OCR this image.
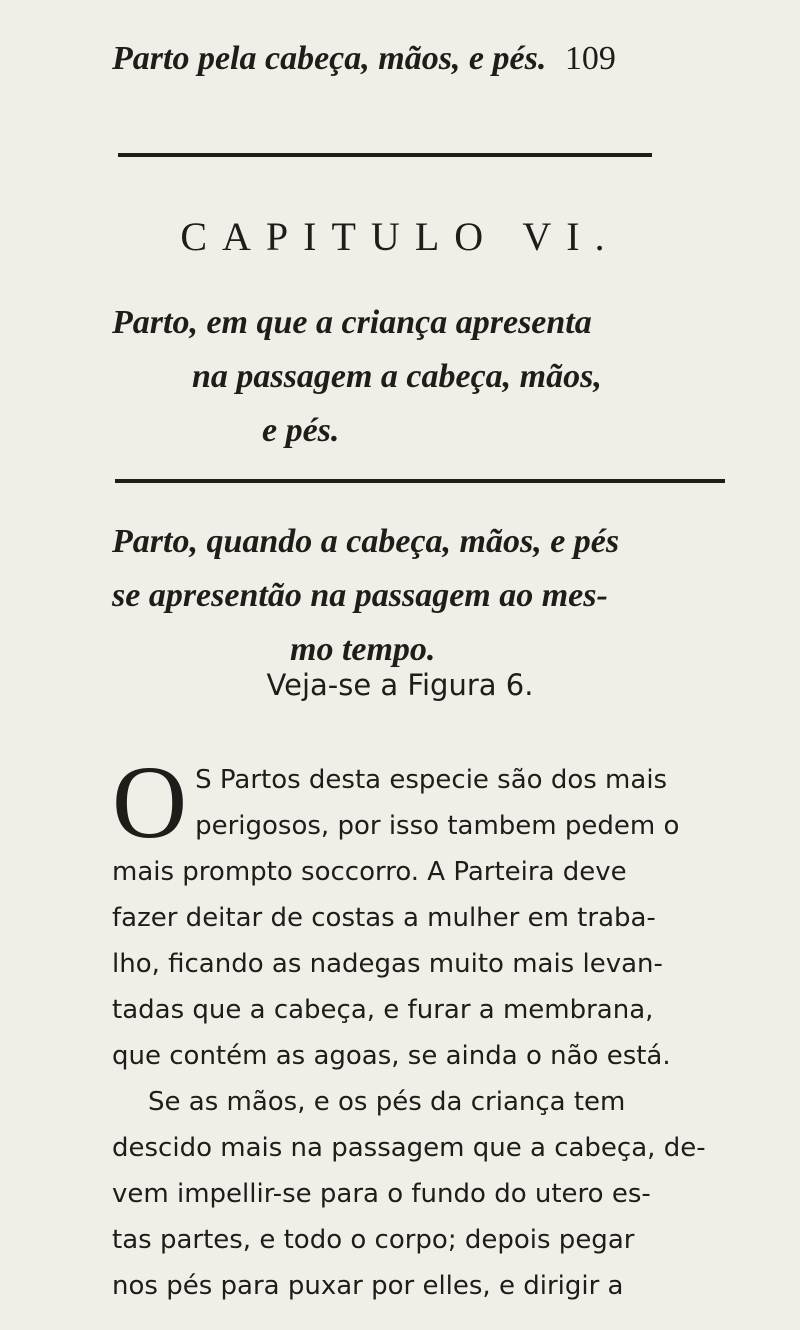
Parto pela cabeça, mãos, e pés. 109
CAPITULO VI.
Parto, em que a criança apresenta
na passagem a cabeça, mãos,
e pés.
Parto, quando a cabeça, mãos, e pés
se apresentão na passagem ao mes-
mo tempo.
Veja-se a Figura 6.
O S Partos desta especie são dos mais
perigosos, por isso tambem pedem o
mais prompto soccorro. A Parteira deve
fazer deitar de costas a mulher em traba-
lho, ficando as nadegas muito mais levan-
tadas que a cabeça, e furar a membrana,
que contém as agoas, se ainda o não está.
Se as mãos, e os pés da criança tem
descido mais na passagem que a cabeça, de-
vem impellir-se para o fundo do utero es-
tas partes, e todo o corpo; depois pegar
nos pés para puxar por elles, e dirigir a
